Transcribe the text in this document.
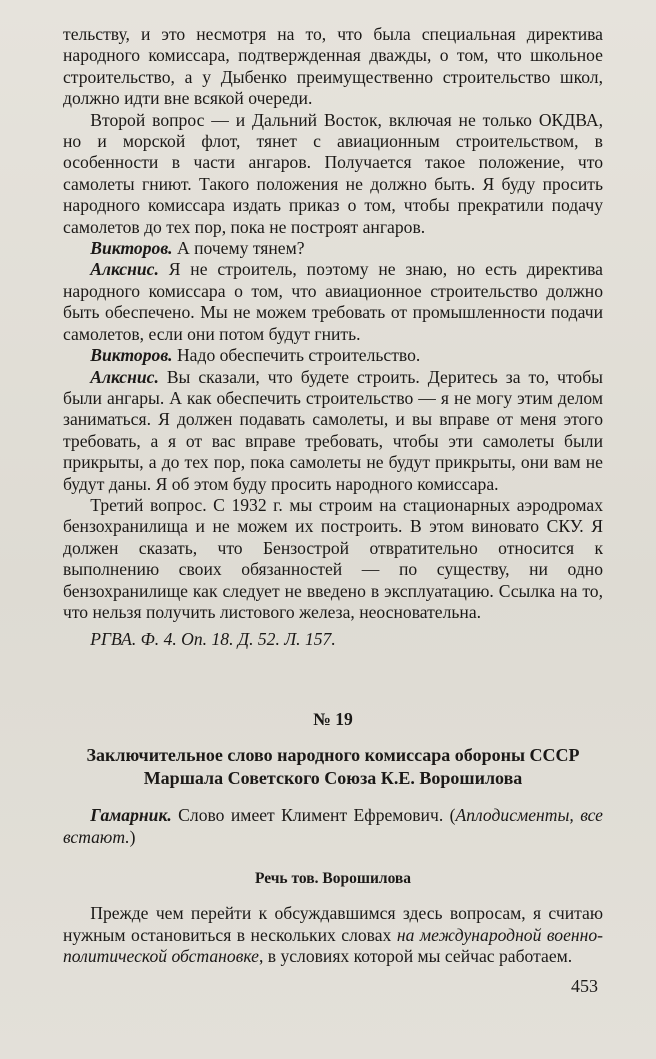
тельству, и это несмотря на то, что была специальная директива народного комиссара, подтвержденная дважды, о том, что школьное строительство, а у Дыбенко преимущественно строительство школ, должно идти вне всякой очереди.

Второй вопрос — и Дальний Восток, включая не только ОКДВА, но и морской флот, тянет с авиационным строительством, в особенности в части ангаров. Получается такое положение, что самолеты гниют. Такого положения не должно быть. Я буду просить народного комиссара издать приказ о том, чтобы прекратили подачу самолетов до тех пор, пока не построят ангаров.

Викторов. А почему тянем?

Алкснис. Я не строитель, поэтому не знаю, но есть директива народного комиссара о том, что авиационное строительство должно быть обеспечено. Мы не можем требовать от промышленности подачи самолетов, если они потом будут гнить.

Викторов. Надо обеспечить строительство.

Алкснис. Вы сказали, что будете строить. Деритесь за то, чтобы были ангары. А как обеспечить строительство — я не могу этим делом заниматься. Я должен подавать самолеты, и вы вправе от меня этого требовать, а я от вас вправе требовать, чтобы эти самолеты были прикрыты, а до тех пор, пока самолеты не будут прикрыты, они вам не будут даны. Я об этом буду просить народного комиссара.

Третий вопрос. С 1932 г. мы строим на стационарных аэродромах бензохранилища и не можем их построить. В этом виновато СКУ. Я должен сказать, что Бензострой отвратительно относится к выполнению своих обязанностей — по существу, ни одно бензохранилище как следует не введено в эксплуатацию. Ссылка на то, что нельзя получить листового железа, неосновательна.

РГВА. Ф. 4. Оп. 18. Д. 52. Л. 157.

№ 19

Заключительное слово народного комиссара обороны СССР
Маршала Советского Союза К.Е. Ворошилова

Гамарник. Слово имеет Климент Ефремович. (Аплодисменты, все встают.)

Речь тов. Ворошилова

Прежде чем перейти к обсуждавшимся здесь вопросам, я считаю нужным остановиться в нескольких словах на международной военно-политической обстановке, в условиях которой мы сейчас работаем.

453
